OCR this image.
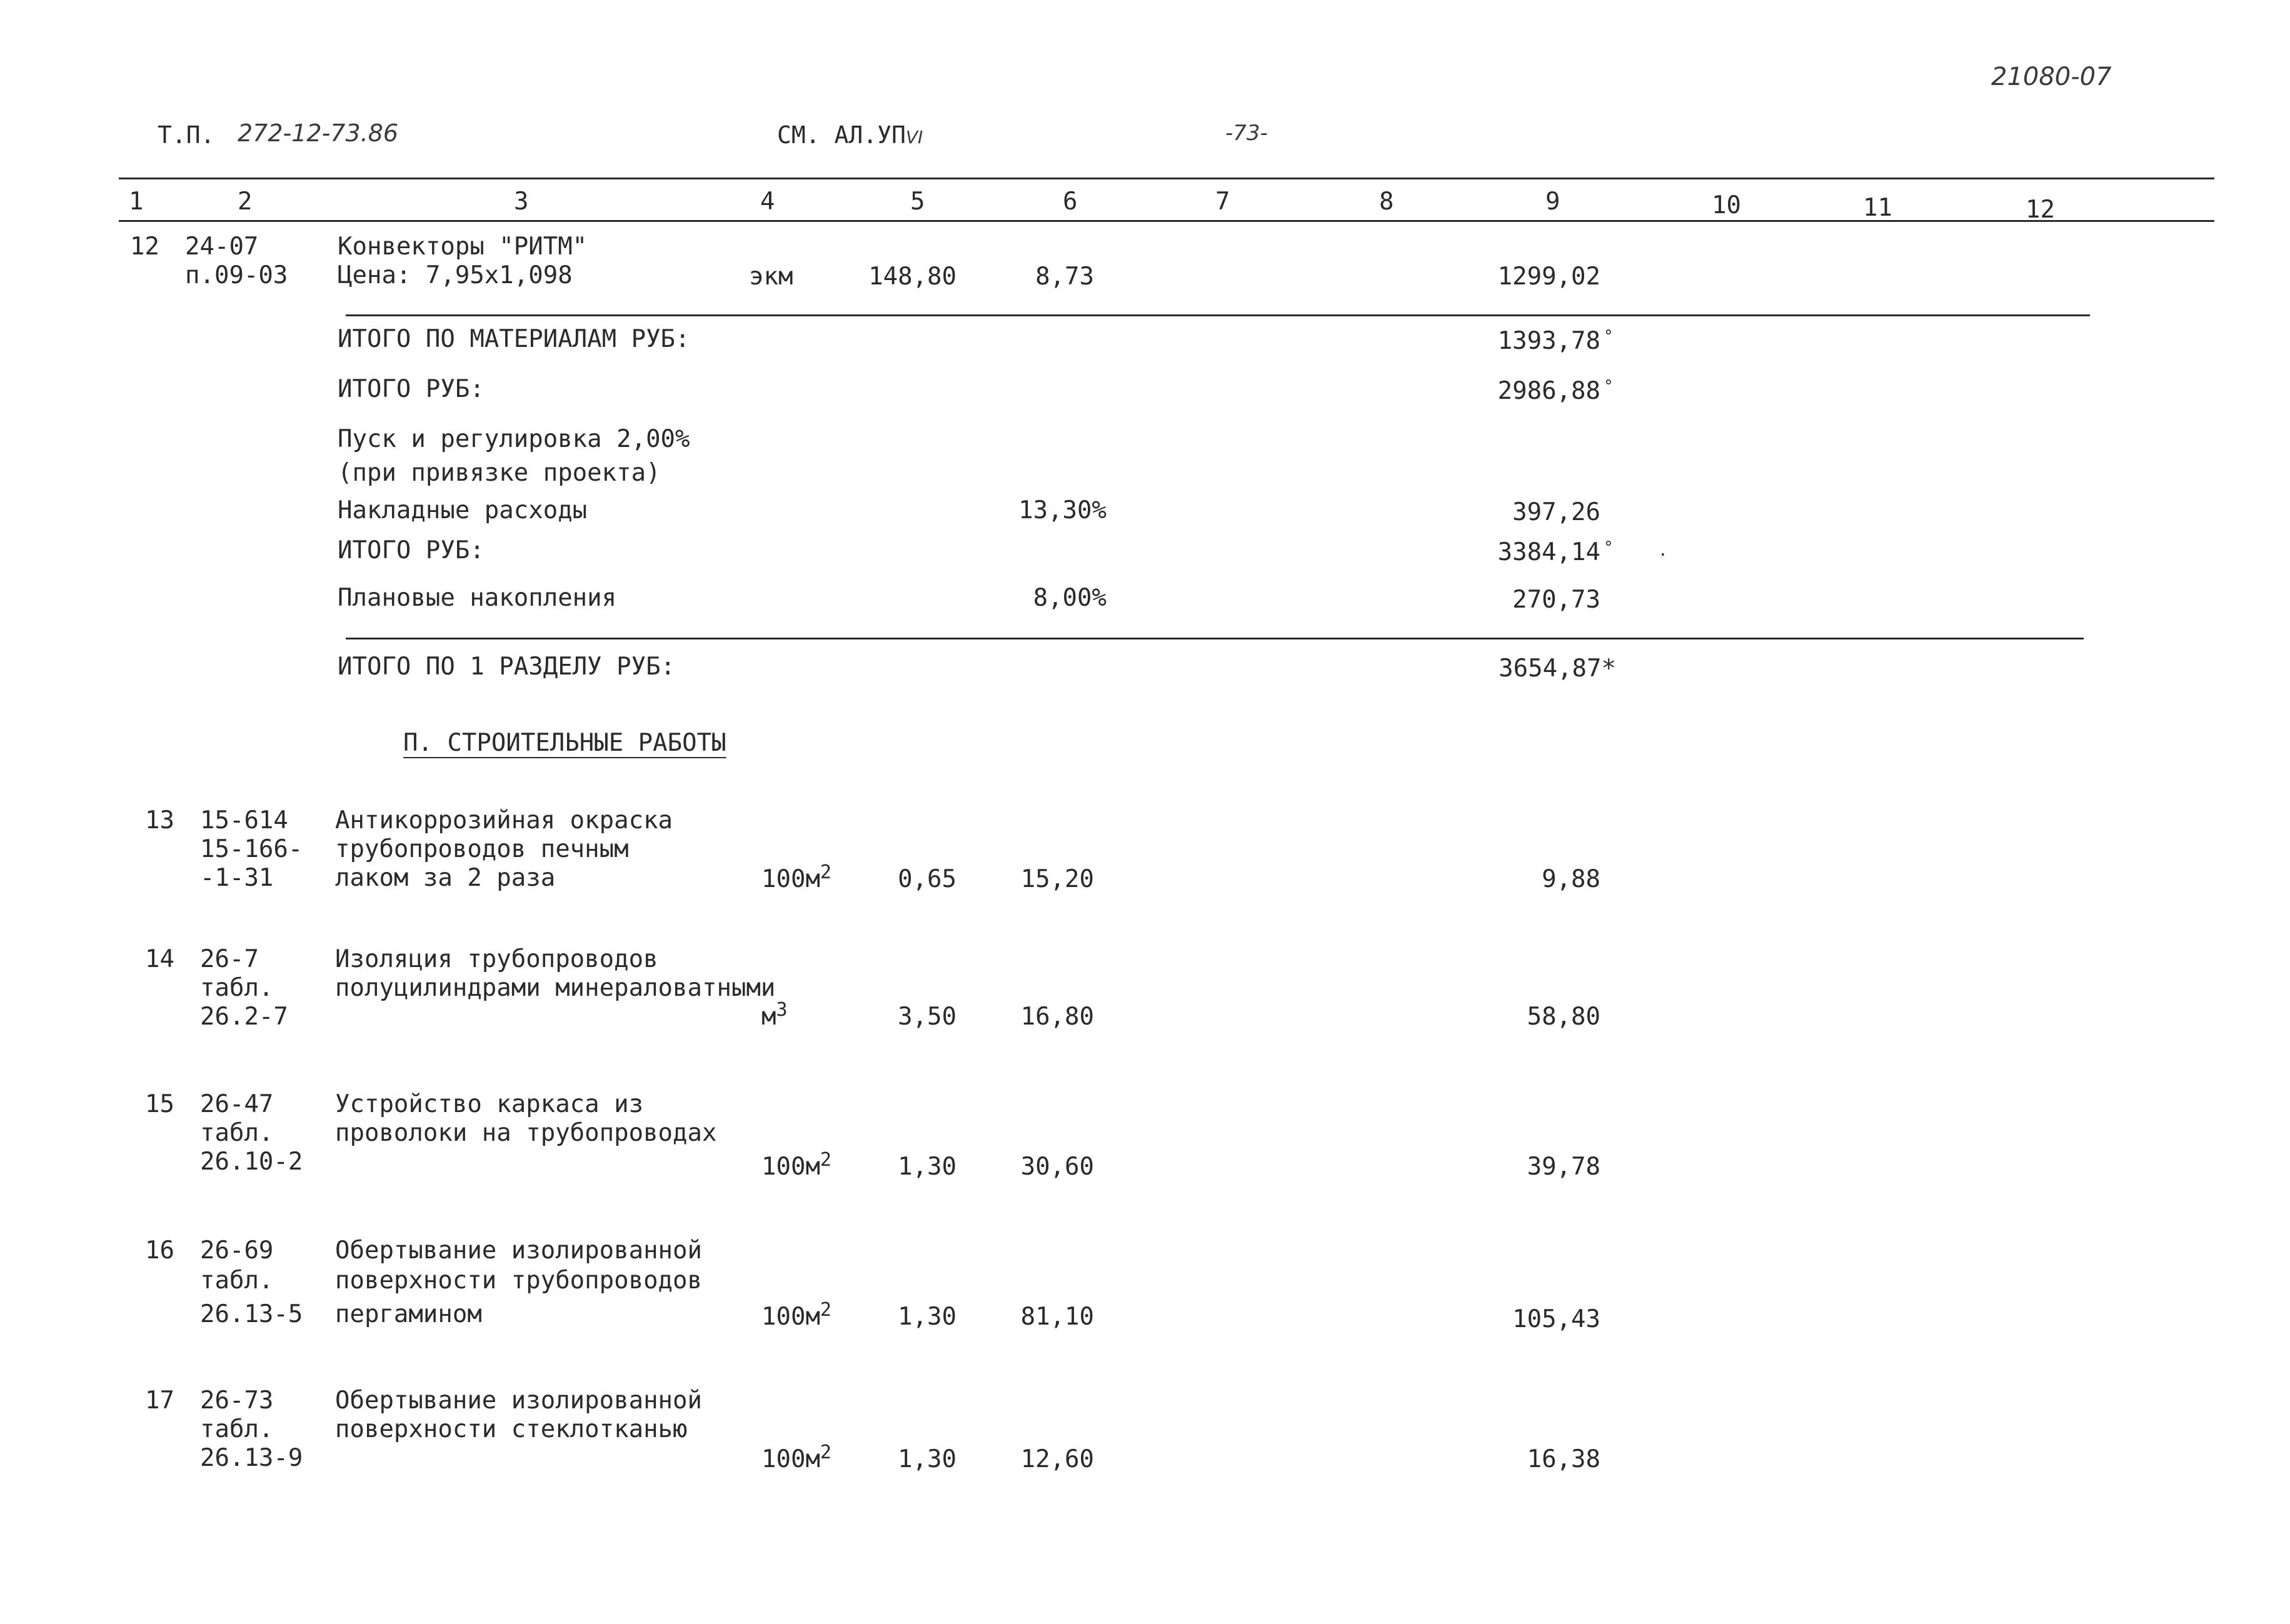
21080-07
Т.П. 272-12-73.86	СМ. АЛ.УПVI	-73-
1	2	3	4	5	6	7	8	9	10	11	12
12 24-07
п.09-03
Конвекторы "РИТМ"
Цена: 7,95х1,098	экм	148,80	8,73	1299,02
ИТОГО ПО МАТЕРИАЛАМ РУБ:	1393,78 °
ИТОГО РУБ:	2986,88 °
Пуск и регулировка 2,00%
(при привязке проекта)
Накладные расходы	13,30%	397,26
ИТОГО РУБ:	3384,14 °	·
Плановые накопления	8,00%	270,73
ИТОГО ПО 1 РАЗДЕЛУ РУБ:	3654,87*
П. СТРОИТЕЛЬНЫЕ РАБОТЫ
13 15-614
15-166-
-1-31
Антикоррозийная окраска
трубопроводов печным
лаком за 2 раза	$100м^2$	0,65	15,20	9,88
14 26-7
табл.
26.2-7
Изоляция трубопроводов
полуцилиндрами минераловатными
$м^3$	3,50	16,80	58,80
15 26-47
табл.
26.10-2
Устройство каркаса из
проволоки на трубопроводах
$100м^2$	1,30	30,60	39,78
16 26-69
табл.
26.13-5
Обертывание изолированной
поверхности трубопроводов
пергамином	$100м^2$	1,30	81,10	105,43
17 26-73
табл.
26.13-9
Обертывание изолированной
поверхности стеклотканью
$100м^2$	1,30	12,60	16,38
